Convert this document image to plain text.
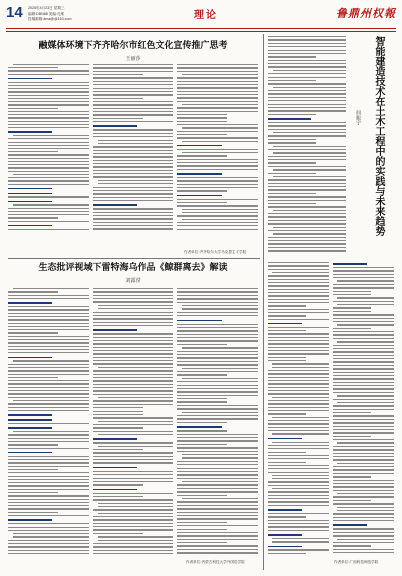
14 2025年4月23日 星期三
编辑:DBN88 美编:孔维
投稿邮箱:ama@@163.com	理论	鲁鼎州权報
融媒体环境下齐齐哈尔市红色文化宣传推广思考
王丽莎
作者单位:齐齐哈尔大学马克思主义学院
生态批评视域下雷特海乌作品《鲸群离去》解读
刘露滢
作者单位:内蒙古科技大学外国语学院
智能建造技术在土木工程中的实践与未来趋势
何振宇
作者单位:广西科技师范学院
